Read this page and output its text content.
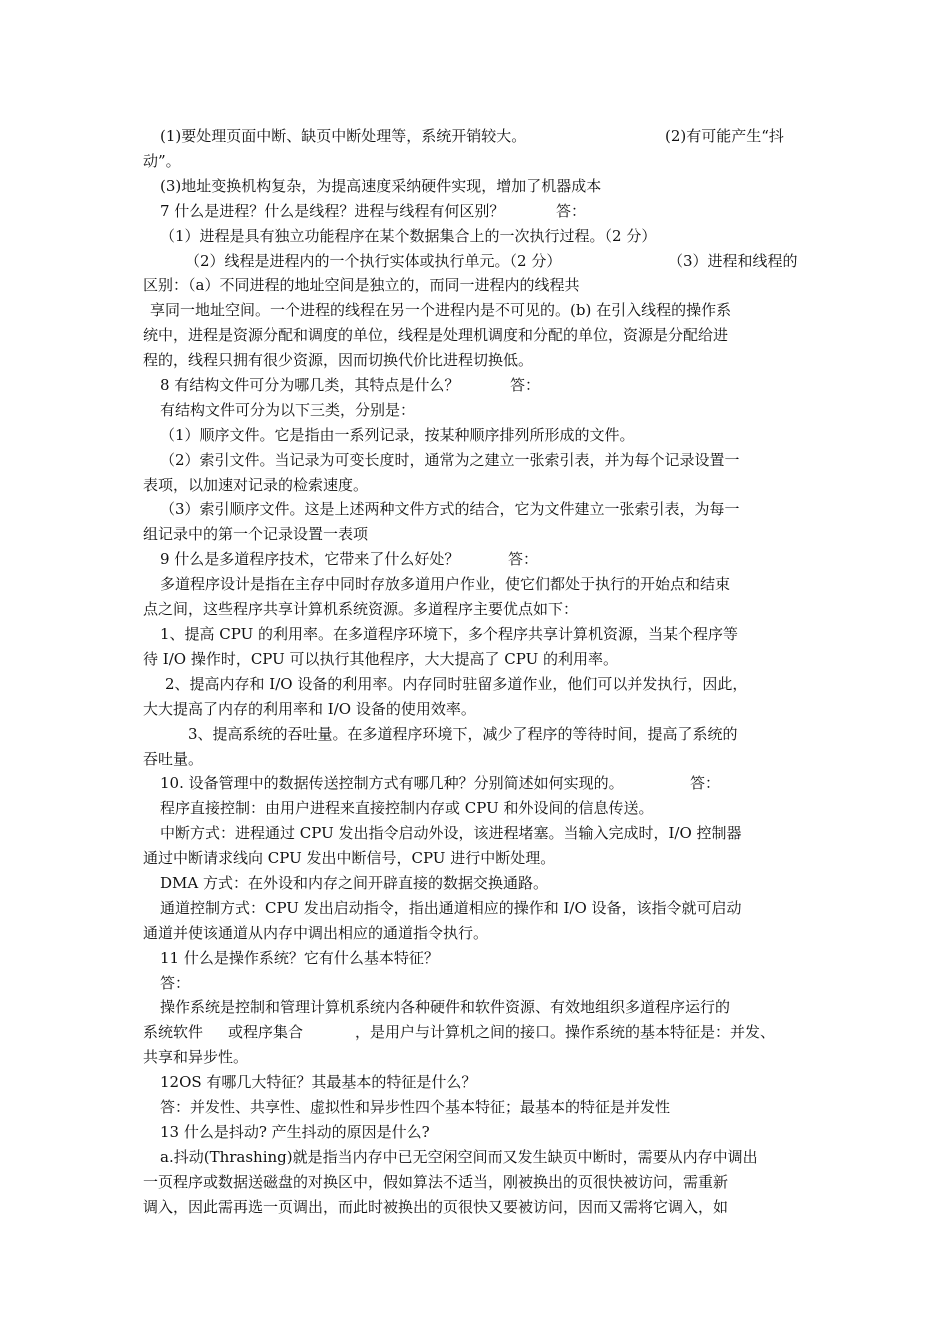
(1)要处理页面中断、缺页中断处理等，系统开销较大。	(2)有可能产生“抖
动”。
(3)地址变换机构复杂，为提高速度采纳硬件实现，增加了机器成本
7 什么是进程？什么是线程？进程与线程有何区别？	答：
（1）进程是具有独立功能程序在某个数据集合上的一次执行过程。（2 分）
（2）线程是进程内的一个执行实体或执行单元。（2 分）	（3）进程和线程的
区别：（a）不同进程的地址空间是独立的，而同一进程内的线程共
享同一地址空间。一个进程的线程在另一个进程内是不可见的。(b) 在引入线程的操作系
统中，进程是资源分配和调度的单位，线程是处理机调度和分配的单位，资源是分配给进
程的，线程只拥有很少资源，因而切换代价比进程切换低。
8 有结构文件可分为哪几类，其特点是什么？	答：
有结构文件可分为以下三类，分别是：
（1）顺序文件。它是指由一系列记录，按某种顺序排列所形成的文件。
（2）索引文件。当记录为可变长度时，通常为之建立一张索引表，并为每个记录设置一
表项，以加速对记录的检索速度。
（3）索引顺序文件。这是上述两种文件方式的结合，它为文件建立一张索引表，为每一
组记录中的第一个记录设置一表项
9 什么是多道程序技术，它带来了什么好处？	答：
多道程序设计是指在主存中同时存放多道用户作业，使它们都处于执行的开始点和结束
点之间，这些程序共享计算机系统资源。多道程序主要优点如下：
1、提高 CPU 的利用率。在多道程序环境下，多个程序共享计算机资源，当某个程序等
待 I/O 操作时，CPU 可以执行其他程序，大大提高了 CPU 的利用率。
2、提高内存和 I/O 设备的利用率。内存同时驻留多道作业，他们可以并发执行，因此，
大大提高了内存的利用率和 I/O 设备的使用效率。
3、提高系统的吞吐量。在多道程序环境下，减少了程序的等待时间，提高了系统的
吞吐量。
10. 设备管理中的数据传送控制方式有哪几种？分别简述如何实现的。	答：
程序直接控制：由用户进程来直接控制内存或 CPU 和外设间的信息传送。
中断方式：进程通过 CPU 发出指令启动外设，该进程堵塞。当输入完成时，I/O 控制器
通过中断请求线向 CPU 发出中断信号，CPU 进行中断处理。
DMA 方式：在外设和内存之间开辟直接的数据交换通路。
通道控制方式：CPU 发出启动指令，指出通道相应的操作和 I/O 设备，该指令就可启动
通道并使该通道从内存中调出相应的通道指令执行。
11 什么是操作系统？它有什么基本特征？
答：
操作系统是控制和管理计算机系统内各种硬件和软件资源、有效地组织多道程序运行的
系统软件 或程序集合	，是用户与计算机之间的接口。操作系统的基本特征是：并发、
共享和异步性。
12OS 有哪几大特征？其最基本的特征是什么？
答：并发性、共享性、虚拟性和异步性四个基本特征；最基本的特征是并发性
13 什么是抖动? 产生抖动的原因是什么?
a.抖动(Thrashing)就是指当内存中已无空闲空间而又发生缺页中断时，需要从内存中调出
一页程序或数据送磁盘的对换区中，假如算法不适当，刚被换出的页很快被访问，需重新
调入，因此需再选一页调出，而此时被换出的页很快又要被访问，因而又需将它调入，如
